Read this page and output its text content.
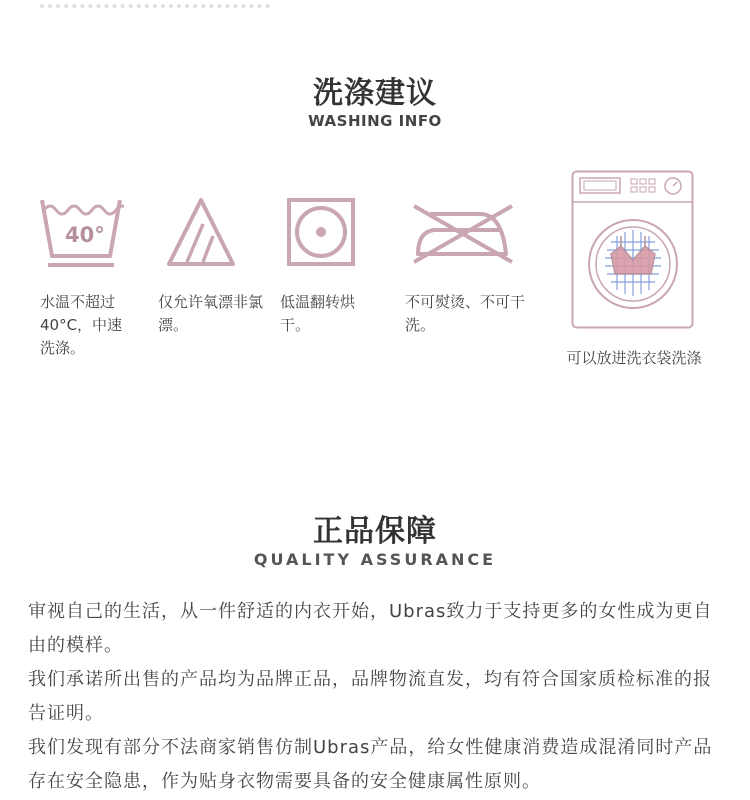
洗涤建议
WASHING INFO
40°
水温不超过40°C，中速洗涤。
仅允许氧漂非氯漂。
低温翻转烘干。
不可熨烫、不可干洗。
可以放进洗衣袋洗涤
正品保障
QUALITY ASSURANCE

审视自己的生活，从一件舒适的内衣开始，Ubras致力于支持更多的女性成为更自由的模样。

我们承诺所出售的产品均为品牌正品，品牌物流直发，均有符合国家质检标准的报告证明。

我们发现有部分不法商家销售仿制Ubras产品，给女性健康消费造成混淆同时产品存在安全隐患，作为贴身衣物需要具备的安全健康属性原则。
